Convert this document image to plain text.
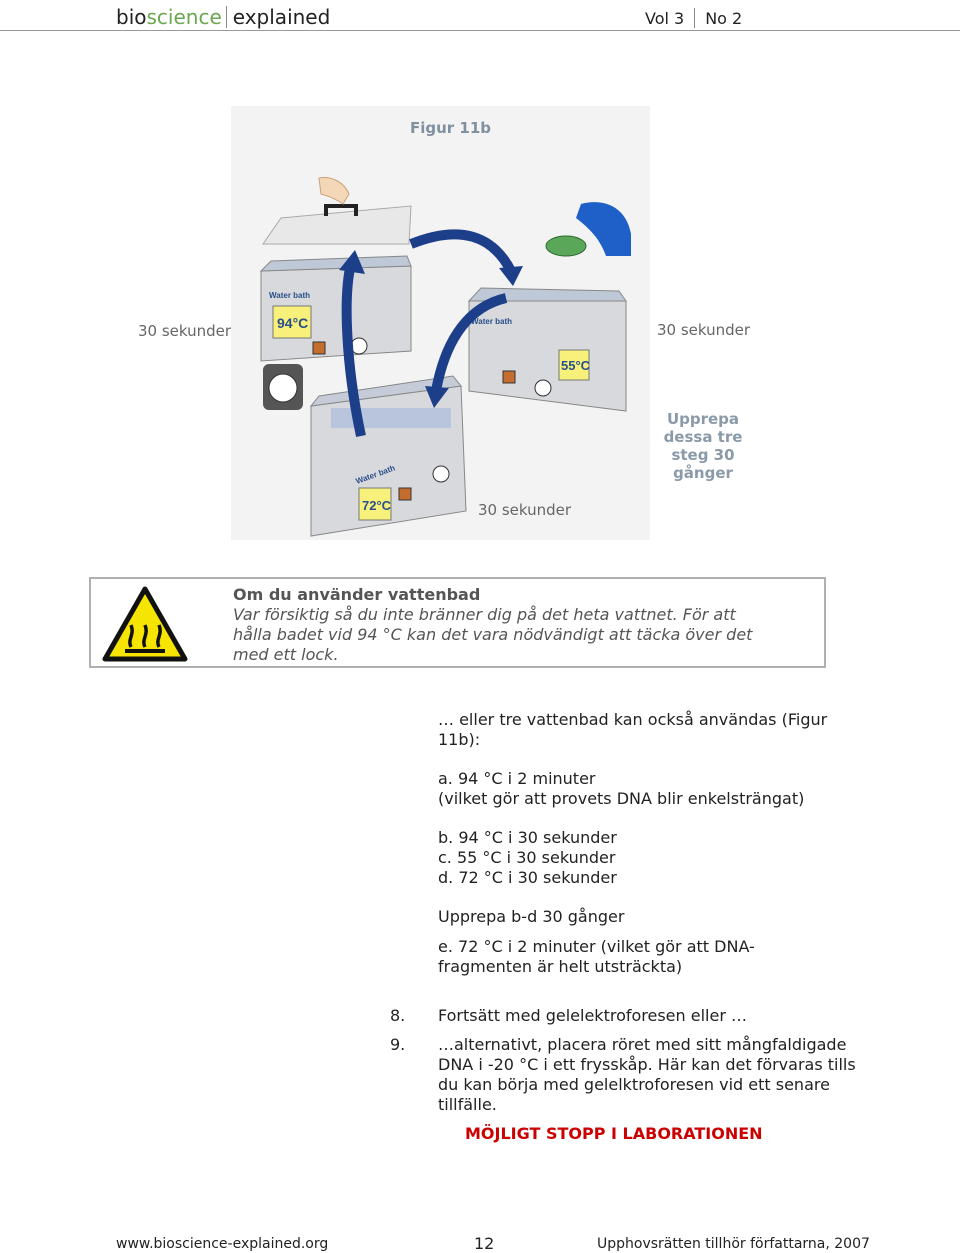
bioscience explained	Vol 3 No 2
Water bath
94°C	Water bath
55°C
Water bath
72°C
Figur 11b
30 sekunder	30 sekunder
30 sekunder
Upprepa dessa tre steg 30 gånger
Om du använder vattenbad
Var försiktig så du inte bränner dig på det heta vattnet. För att hålla badet vid 94 °C kan det vara nödvändigt att täcka över det med ett lock.
… eller tre vattenbad kan också användas (Figur 11b):
a. 94 °C i 2 minuter
(vilket gör att provets DNA blir enkelsträngat)
b. 94 °C i 30 sekunder
c. 55 °C i 30 sekunder
d. 72 °C i 30 sekunder
Upprepa b-d 30 gånger
e. 72 °C i 2 minuter (vilket gör att DNA-fragmenten är helt utsträckta)
8. Fortsätt med gelelektroforesen eller …
9. …alternativt, placera röret med sitt mångfaldigade DNA i -20 °C i ett frysskåp. Här kan det förvaras tills du kan börja med gelelktroforesen vid ett senare tillfälle.
MÖJLIGT STOPP I LABORATIONEN
www.bioscience-explained.org	12	Upphovsrätten tillhör författarna, 2007
